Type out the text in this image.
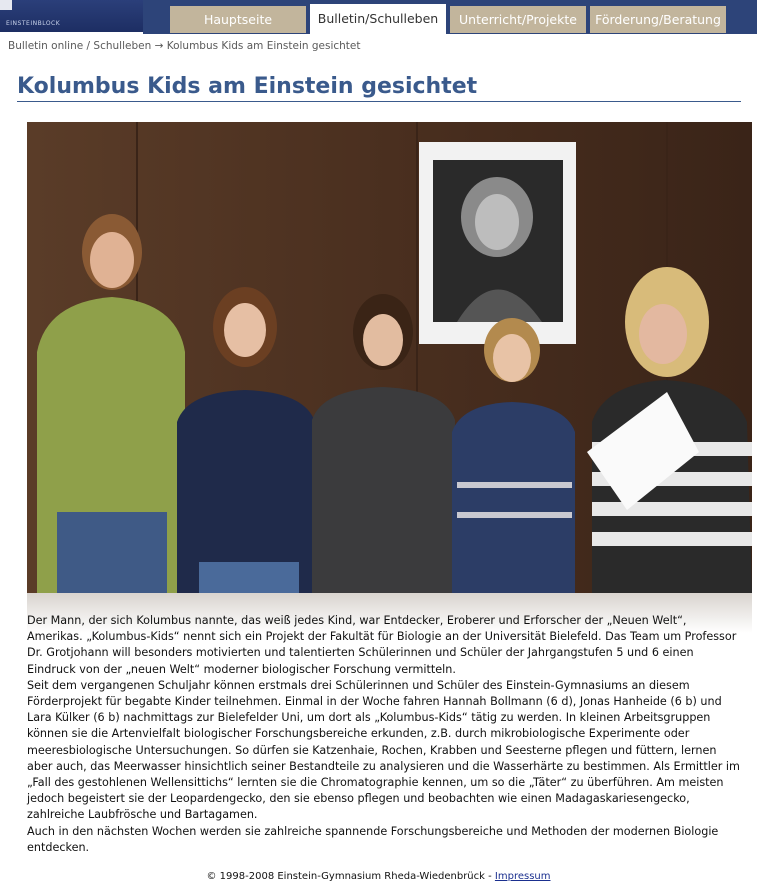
EINSTEINBLOCK	Hauptseite	Bulletin/Schulleben	Unterricht/Projekte	Förderung/Beratung
Bulletin online / Schulleben → Kolumbus Kids am Einstein gesichtet
Kolumbus Kids am Einstein gesichtet

Der Mann, der sich Kolumbus nannte, das weiß jedes Kind, war Entdecker, Eroberer und Erforscher der „Neuen Welt“, Amerikas. „Kolumbus-Kids“ nennt sich ein Projekt der Fakultät für Biologie an der Universität Bielefeld. Das Team um Professor Dr. Grotjohann will besonders motivierten und talentierten Schülerinnen und Schüler der Jahrgangstufen 5 und 6 einen Eindruck von der „neuen Welt“ moderner biologischer Forschung vermitteln.

Seit dem vergangenen Schuljahr können erstmals drei Schülerinnen und Schüler des Einstein-Gymnasiums an diesem Förderprojekt für begabte Kinder teilnehmen. Einmal in der Woche fahren Hannah Bollmann (6 d), Jonas Hanheide (6 b) und Lara Külker (6 b) nachmittags zur Bielefelder Uni, um dort als „Kolumbus-Kids“ tätig zu werden. In kleinen Arbeitsgruppen können sie die Artenvielfalt biologischer Forschungsbereiche erkunden, z.B. durch mikrobiologische Experimente oder meeresbiologische Untersuchungen. So dürfen sie Katzenhaie, Rochen, Krabben und Seesterne pflegen und füttern, lernen aber auch, das Meerwasser hinsichtlich seiner Bestandteile zu analysieren und die Wasserhärte zu bestimmen. Als Ermittler im „Fall des gestohlenen Wellensittichs“ lernten sie die Chromatographie kennen, um so die „Täter“ zu überführen. Am meisten jedoch begeistert sie der Leopardengecko, den sie ebenso pflegen und beobachten wie einen Madagaskariesengecko, zahlreiche Laubfrösche und Bartagamen.

Auch in den nächsten Wochen werden sie zahlreiche spannende Forschungsbereiche und Methoden der modernen Biologie entdecken.

© 1998-2008 Einstein-Gymnasium Rheda-Wiedenbrück - Impressum
